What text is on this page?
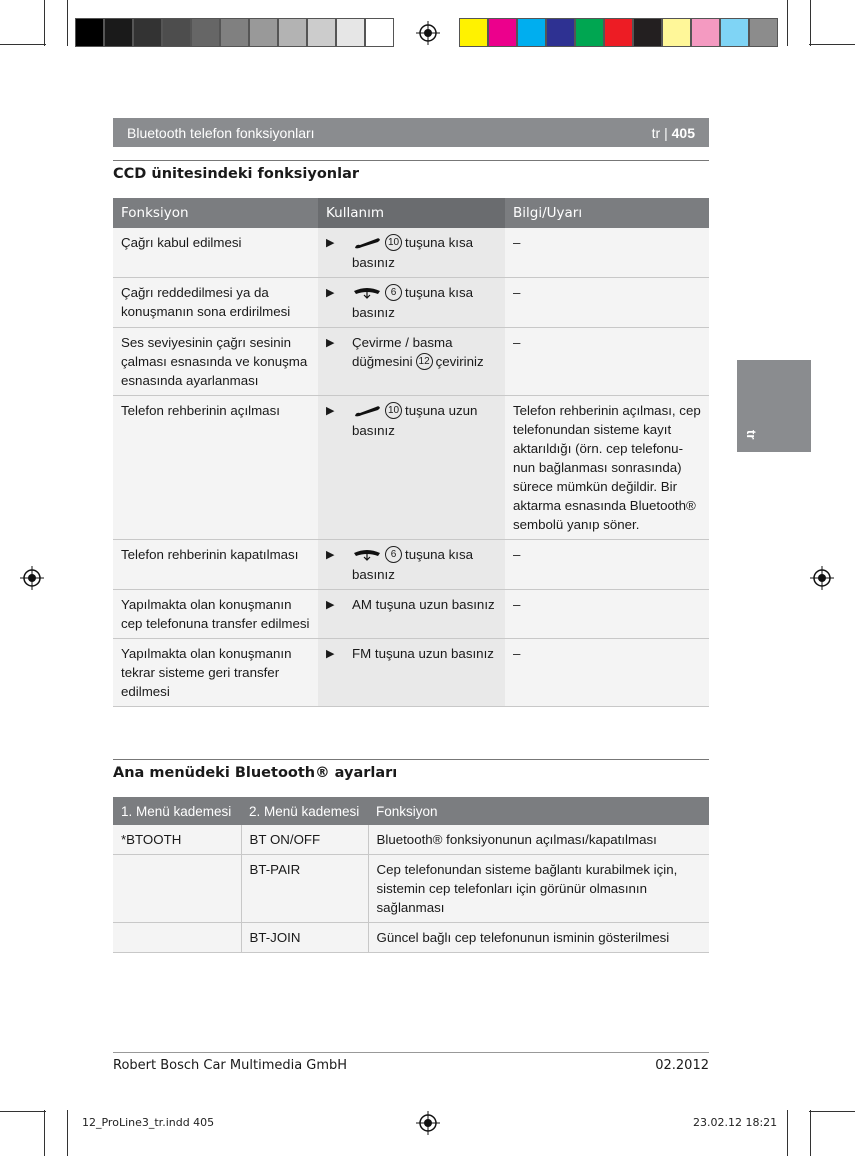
Bluetooth telefon fonksiyonları	tr | 405
CCD ünitesindeki fonksiyonlar
Fonksiyon	Kullanım	Bilgi/Uyarı
Çağrı kabul edilmesi	▶ 10 tuşuna kısa basınız	–
Çağrı reddedilmesi ya da konuşmanın sona erdirilmesi	▶ 6 tuşuna kısa basınız	–
Ses seviyesinin çağrı sesinin çalması esnasında ve konuşma esnasında ayarlanması	▶ Çevirme / basma düğmesini 12 çeviriniz	–
Telefon rehberinin açılması	▶ 10 tuşuna uzun basınız	Telefon rehberinin açılması, cep telefonundan sisteme kayıt aktarıldığı (örn. cep telefonu-nun bağlanması sonrasında) sürece mümkün değildir. Bir aktarma esnasında Bluetooth® sembolü yanıp söner.
Telefon rehberinin kapatılması	▶ 6 tuşuna kısa basınız	–
Yapılmakta olan konuşmanın cep telefonuna transfer edilmesi	▶ AM tuşuna uzun basınız	–
Yapılmakta olan konuşmanın tekrar sisteme geri transfer edilmesi	▶ FM tuşuna uzun basınız	–
Ana menüdeki Bluetooth® ayarları
1. Menü kademesi	2. Menü kademesi	Fonksiyon
*BTOOTH	BT ON/OFF	Bluetooth® fonksiyonunun açılması/kapatılması
	BT-PAIR	Cep telefonundan sisteme bağlantı kurabilmek için, sistemin cep telefonları için görünür olmasının sağlanması
	BT-JOIN	Güncel bağlı cep telefonunun isminin gösterilmesi
tr
Robert Bosch Car Multimedia GmbH	02.2012
12_ProLine3_tr.indd 405	23.02.12 18:21
